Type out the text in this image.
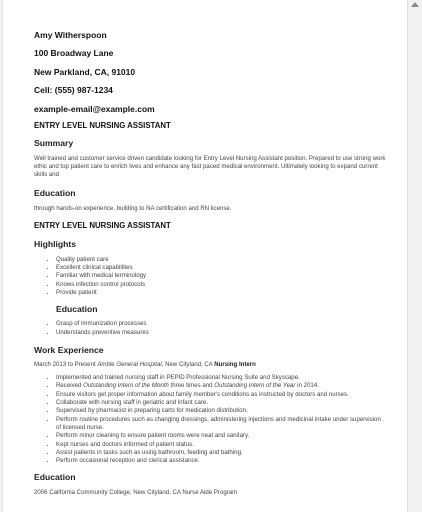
Amy Witherspoon
100 Broadway Lane
New Parkland, CA, 91010
Cell: (555) 987-1234
example-email@example.com
ENTRY LEVEL NURSING ASSISTANT
Summary

Well trained and customer service driven candidate looking for Entry Level Nursing Assistant position. Prepared to use strong work ethic and top patient care to enrich lives and enhance any fast paced medical environment. Ultimately looking to expand current skills and

Education

through hands-on experience, building to NA certification and RN license.

ENTRY LEVEL NURSING ASSISTANT
Highlights
• Quality patient care
• Excellent clinical capabilities
• Familiar with medical terminology
• Knows infection control protocols
• Provide patient
Education
• Grasp of immunization processes
• Understands preventive measures
Work Experience
March 2013 to Present Amble General Hospital, New Cityland, CA Nursing Intern
• Implemented and trained nursing staff in PEPID Professional Nursing Suite and Skyscape.
• Received Outstanding Intern of the Month three times and Outstanding Intern of the Year in 2014.
• Ensure visitors get proper information about family member's conditions as instructed by doctors and nurses.
• Collaborate with nursing staff in geriatric and infant care.
• Supervised by pharmacist in preparing carts for medication distribution.
• Perform routine procedures such as changing dressings, administering injections and medicinal intake under supervision of licensed nurse.
• Perform minor cleaning to ensure patient rooms were neat and sanitary.
• Kept nurses and doctors informed of patient status.
• Assist patients in tasks such as using bathroom, feeding and bathing.
• Perform occasional reception and clerical assistance.
Education

2006 California Community College, New Cityland, CA Nurse Aide Program
